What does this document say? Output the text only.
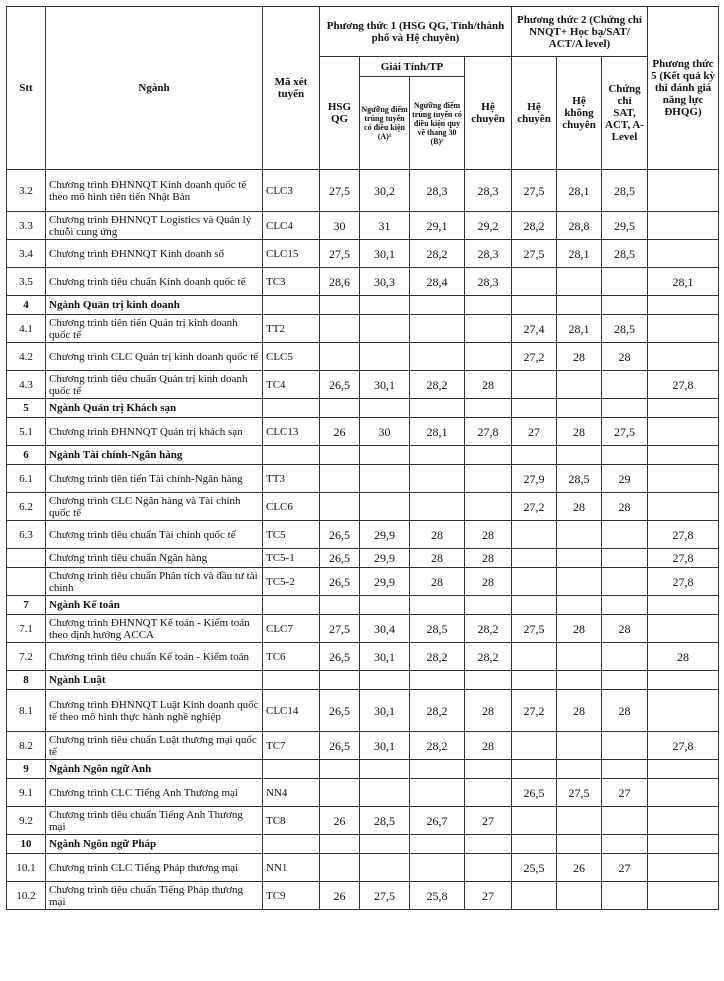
Stt	Ngành	Mã xét tuyển	Phương thức 1 (HSG QG, Tỉnh/thành phố và Hệ chuyên)				Phương thức 2 (Chứng chỉ NNQT+ Học bạ/SAT/ ACT/A level)			Phương thức 5 (Kết quả kỳ thi đánh giá năng lực ĐHQG)
			HSG QG	Giải Tỉnh/TP		Hệ chuyên	Hệ chuyên	Hệ không chuyên	Chứng chỉ SAT, ACT, A-Level	
				Ngưỡng điểm trúng tuyển có điều kiện (A)¹	Ngưỡng điểm trúng tuyển có điều kiện quy về thang 30 (B)²					
3.2	Chương trình ĐHNNQT Kinh doanh quốc tế theo mô hình tiên tiến Nhật Bản	CLC3	27,5	30,2	28,3	28,3	27,5	28,1	28,5	
3.3	Chương trình ĐHNNQT Logistics và Quản lý chuỗi cung ứng	CLC4	30	31	29,1	29,2	28,2	28,8	29,5	
3.4	Chương trình ĐHNNQT Kinh doanh số	CLC15	27,5	30,1	28,2	28,3	27,5	28,1	28,5	
3.5	Chương trình tiêu chuẩn Kinh doanh quốc tế	TC3	28,6	30,3	28,4	28,3				28,1
4	Ngành Quản trị kinh doanh									
4.1	Chương trình tiên tiến Quản trị kinh doanh quốc tế	TT2					27,4	28,1	28,5	
4.2	Chương trình CLC Quản trị kinh doanh quốc tế	CLC5					27,2	28	28	
4.3	Chương trình tiêu chuẩn Quản trị kinh doanh quốc tế	TC4	26,5	30,1	28,2	28				27,8
5	Ngành Quản trị Khách sạn									
5.1	Chương trình ĐHNNQT Quản trị khách sạn	CLC13	26	30	28,1	27,8	27	28	27,5	
6	Ngành Tài chính-Ngân hàng									
6.1	Chương trình tiên tiến Tài chính-Ngân hàng	TT3					27,9	28,5	29	
6.2	Chương trình CLC Ngân hàng và Tài chính quốc tế	CLC6					27,2	28	28	
6.3	Chương trình tiêu chuẩn Tài chính quốc tế	TC5	26,5	29,9	28	28				27,8
	Chương trình tiêu chuẩn Ngân hàng	TC5-1	26,5	29,9	28	28				27,8
	Chương trình tiêu chuẩn Phân tích và đầu tư tài chính	TC5-2	26,5	29,9	28	28				27,8
7	Ngành Kế toán									
7.1	Chương trình ĐHNNQT Kế toán - Kiểm toán theo định hướng ACCA	CLC7	27,5	30,4	28,5	28,2	27,5	28	28	
7.2	Chương trình tiêu chuẩn Kế toán - Kiểm toán	TC6	26,5	30,1	28,2	28,2				28
8	Ngành Luật									
8.1	Chương trình ĐHNNQT Luật Kinh doanh quốc tế theo mô hình thực hành nghề nghiệp	CLC14	26,5	30,1	28,2	28	27,2	28	28	
8.2	Chương trình tiêu chuẩn Luật thương mại quốc tế	TC7	26,5	30,1	28,2	28				27,8
9	Ngành Ngôn ngữ Anh									
9.1	Chương trình CLC Tiếng Anh Thương mại	NN4					26,5	27,5	27	
9.2	Chương trình tiêu chuẩn Tiếng Anh Thương mại	TC8	26	28,5	26,7	27				
10	Ngành Ngôn ngữ Pháp									
10.1	Chương trình CLC Tiếng Pháp thương mại	NN1					25,5	26	27	
10.2	Chương trình tiêu chuẩn Tiếng Pháp thương mại	TC9	26	27,5	25,8	27				
